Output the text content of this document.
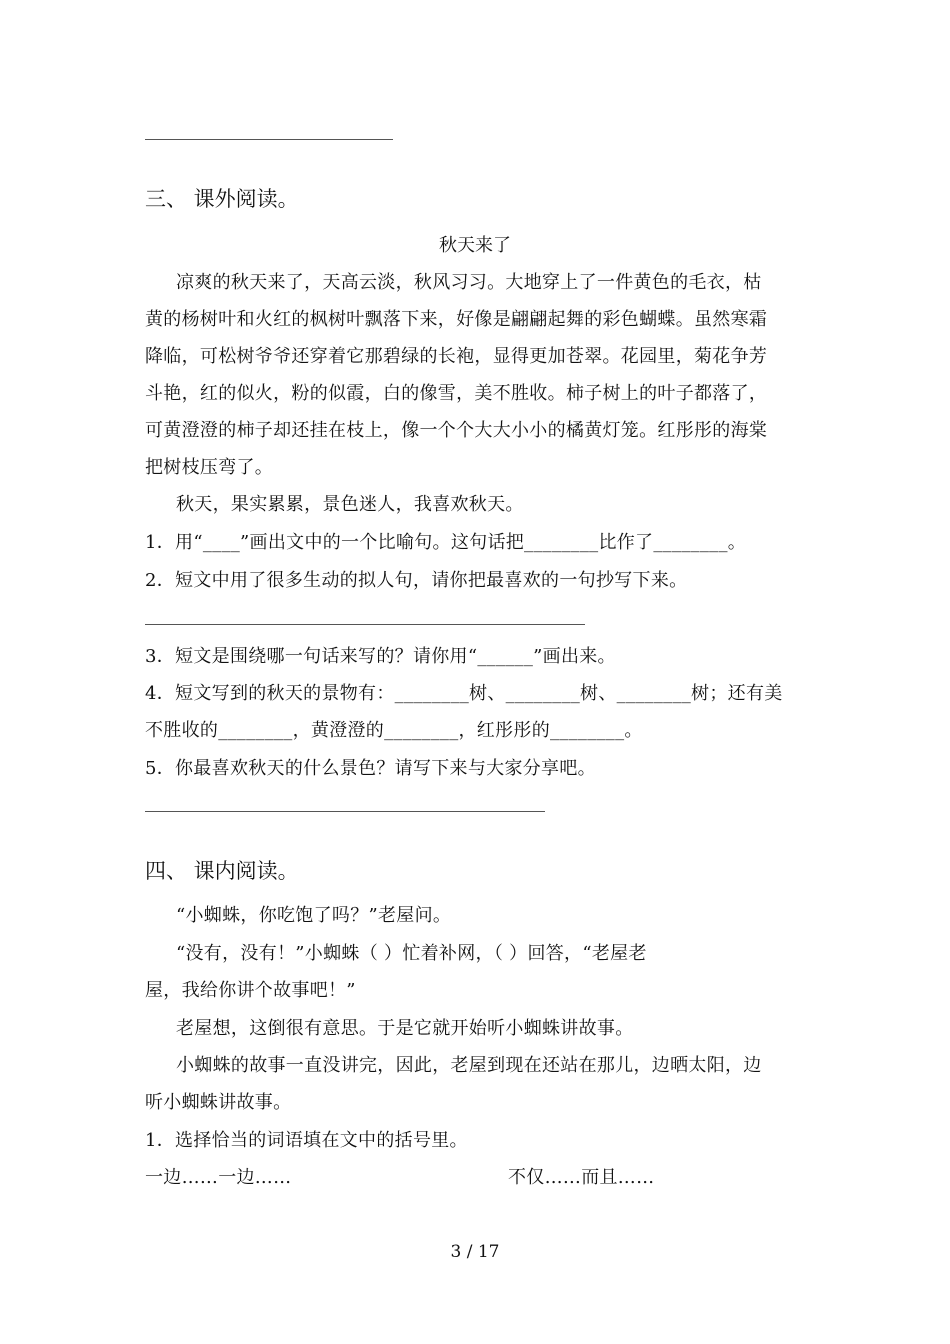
三、 课外阅读。
秋天来了
凉爽的秋天来了，天高云淡，秋风习习。大地穿上了一件黄色的毛衣，枯
黄的杨树叶和火红的枫树叶飘落下来，好像是翩翩起舞的彩色蝴蝶。虽然寒霜
降临，可松树爷爷还穿着它那碧绿的长袍，显得更加苍翠。花园里，菊花争芳
斗艳，红的似火，粉的似霞，白的像雪，美不胜收。柿子树上的叶子都落了，
可黄澄澄的柿子却还挂在枝上，像一个个大大小小的橘黄灯笼。红彤彤的海棠
把树枝压弯了。
秋天，果实累累，景色迷人，我喜欢秋天。
1．用“____”画出文中的一个比喻句。这句话把________比作了________。
2．短文中用了很多生动的拟人句，请你把最喜欢的一句抄写下来。
3．短文是围绕哪一句话来写的？请你用“______”画出来。
4．短文写到的秋天的景物有：________树、________树、________树；还有美
不胜收的________，黄澄澄的________，红彤彤的________。
5．你最喜欢秋天的什么景色？请写下来与大家分享吧。
四、 课内阅读。
“小蜘蛛，你吃饱了吗？”老屋问。
“没有，没有！”小蜘蛛（ ）忙着补网，（ ）回答，“老屋老
屋，我给你讲个故事吧！”
老屋想，这倒很有意思。于是它就开始听小蜘蛛讲故事。
小蜘蛛的故事一直没讲完，因此，老屋到现在还站在那儿，边晒太阳，边
听小蜘蛛讲故事。
1．选择恰当的词语填在文中的括号里。
一边……一边……	不仅……而且……
3 / 17
